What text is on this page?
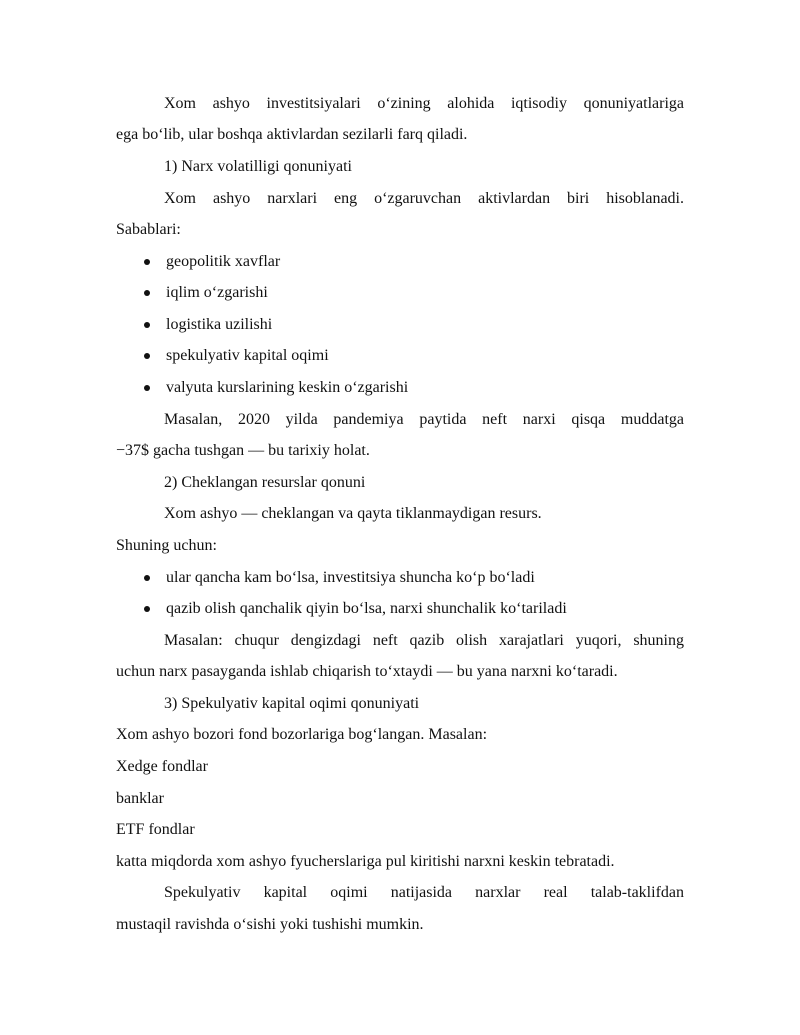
Xom ashyo investitsiyalari o‘zining alohida iqtisodiy qonuniyatlariga
ega bo‘lib, ular boshqa aktivlardan sezilarli farq qiladi.
1) Narx volatilligi qonuniyati
Xom ashyo narxlari eng o‘zgaruvchan aktivlardan biri hisoblanadi.
Sabablari:
geopolitik xavflar
iqlim o‘zgarishi
logistika uzilishi
spekulyativ kapital oqimi
valyuta kurslarining keskin o‘zgarishi
Masalan, 2020 yilda pandemiya paytida neft narxi qisqa muddatga
−37$ gacha tushgan — bu tarixiy holat.
2) Cheklangan resurslar qonuni
Xom ashyo — cheklangan va qayta tiklanmaydigan resurs.
Shuning uchun:
ular qancha kam bo‘lsa, investitsiya shuncha ko‘p bo‘ladi
qazib olish qanchalik qiyin bo‘lsa, narxi shunchalik ko‘tariladi
Masalan: chuqur dengizdagi neft qazib olish xarajatlari yuqori, shuning
uchun narx pasayganda ishlab chiqarish to‘xtaydi — bu yana narxni ko‘taradi.
3) Spekulyativ kapital oqimi qonuniyati
Xom ashyo bozori fond bozorlariga bog‘langan. Masalan:
Xedge fondlar
banklar
ETF fondlar
katta miqdorda xom ashyo fyucherslariga pul kiritishi narxni keskin tebratadi.
Spekulyativ kapital oqimi natijasida narxlar real talab-taklifdan
mustaqil ravishda o‘sishi yoki tushishi mumkin.
